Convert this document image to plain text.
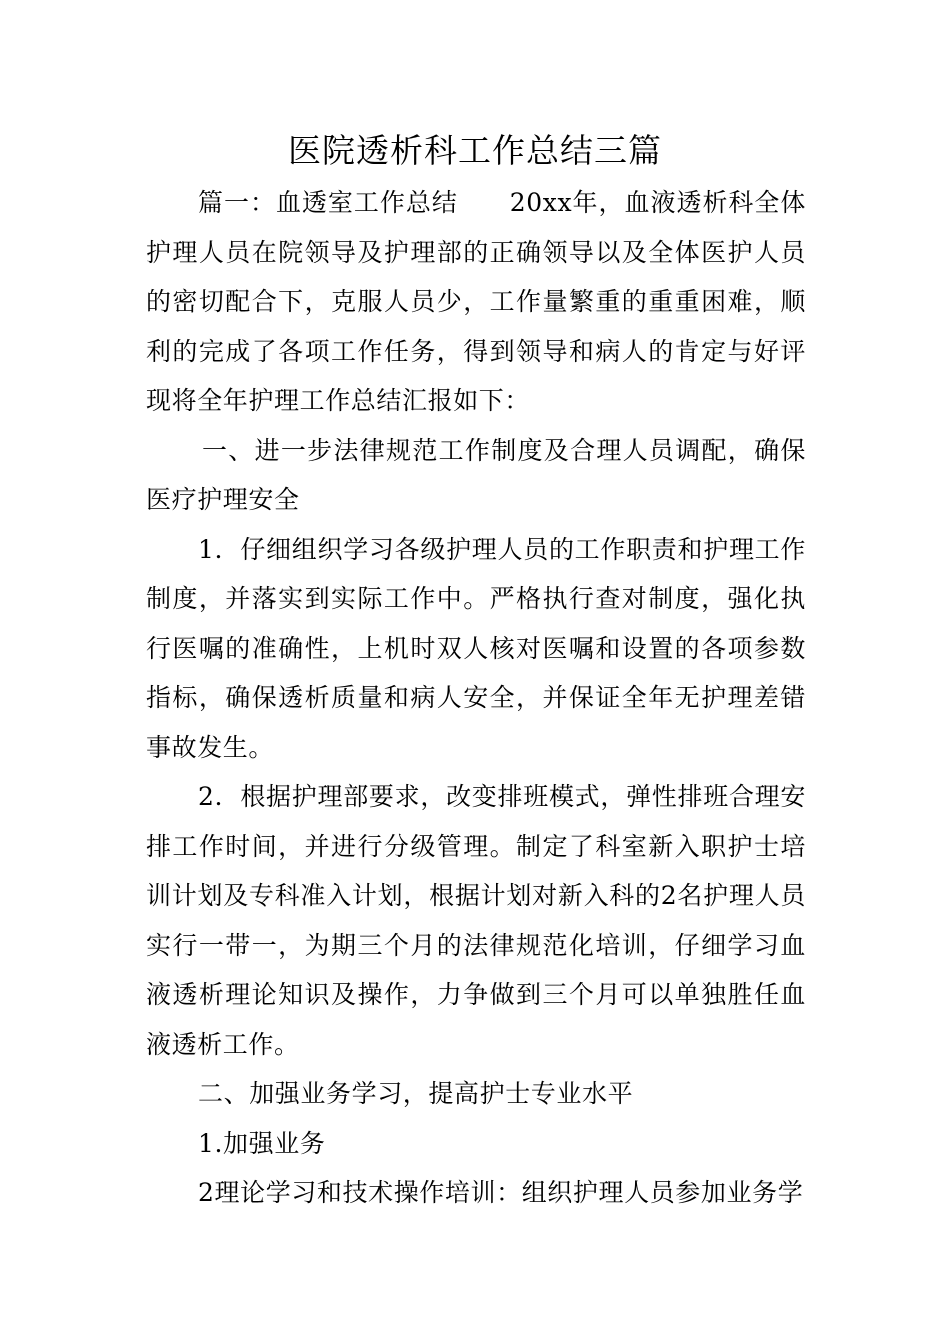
医院透析科工作总结三篇

篇一：血透室工作总结　　20xx年，血液透析科全体护理人员在院领导及护理部的正确领导以及全体医护人员的密切配合下，克服人员少，工作量繁重的重重困难，顺利的完成了各项工作任务，得到领导和病人的肯定与好评现将全年护理工作总结汇报如下：

一、进一步法律规范工作制度及合理人员调配，确保医疗护理安全

1．仔细组织学习各级护理人员的工作职责和护理工作制度，并落实到实际工作中。严格执行查对制度，强化执行医嘱的准确性，上机时双人核对医嘱和设置的各项参数指标，确保透析质量和病人安全，并保证全年无护理差错事故发生。

2．根据护理部要求，改变排班模式，弹性排班合理安排工作时间，并进行分级管理。制定了科室新入职护士培训计划及专科准入计划，根据计划对新入科的2名护理人员实行一带一，为期三个月的法律规范化培训，仔细学习血液透析理论知识及操作，力争做到三个月可以单独胜任血液透析工作。

二、加强业务学习，提高护士专业水平

1.加强业务

2理论学习和技术操作培训：组织护理人员参加业务学
